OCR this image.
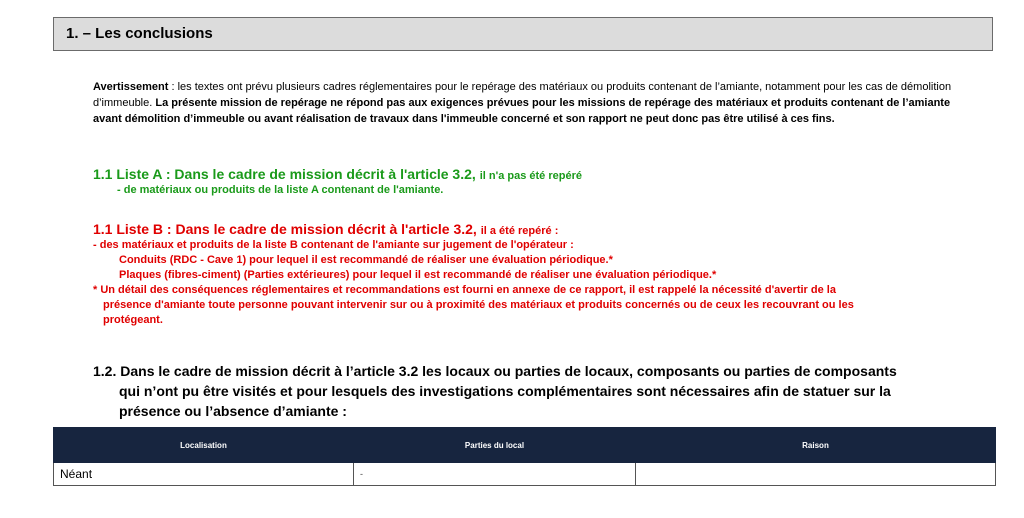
1. – Les conclusions
Avertissement : les textes ont prévu plusieurs cadres réglementaires pour le repérage des matériaux ou produits contenant de l’amiante, notamment pour les cas de démolition d’immeuble. La présente mission de repérage ne répond pas aux exigences prévues pour les missions de repérage des matériaux et produits contenant de l’amiante avant démolition d’immeuble ou avant réalisation de travaux dans l'immeuble concerné et son rapport ne peut donc pas être utilisé à ces fins.
1.1 Liste A : Dans le cadre de mission décrit à l'article 3.2, il n'a pas été repéré
- de matériaux ou produits de la liste A contenant de l'amiante.
1.1 Liste B : Dans le cadre de mission décrit à l'article 3.2, il a été repéré :
- des matériaux et produits de la liste B contenant de l'amiante sur jugement de l'opérateur :
Conduits (RDC - Cave 1) pour lequel il est recommandé de réaliser une évaluation périodique.*
Plaques (fibres-ciment) (Parties extérieures) pour lequel il est recommandé de réaliser une évaluation périodique.*
* Un détail des conséquences réglementaires et recommandations est fourni en annexe de ce rapport, il est rappelé la nécessité d'avertir de la
présence d'amiante toute personne pouvant intervenir sur ou à proximité des matériaux et produits concernés ou de ceux les recouvrant ou les
protégeant.
1.2. Dans le cadre de mission décrit à l’article 3.2 les locaux ou parties de locaux, composants ou parties de composants
qui n’ont pu être visités et pour lesquels des investigations complémentaires sont nécessaires afin de statuer sur la
présence ou l’absence d’amiante :
Localisation	Parties du local	Raison
Néant	-	
